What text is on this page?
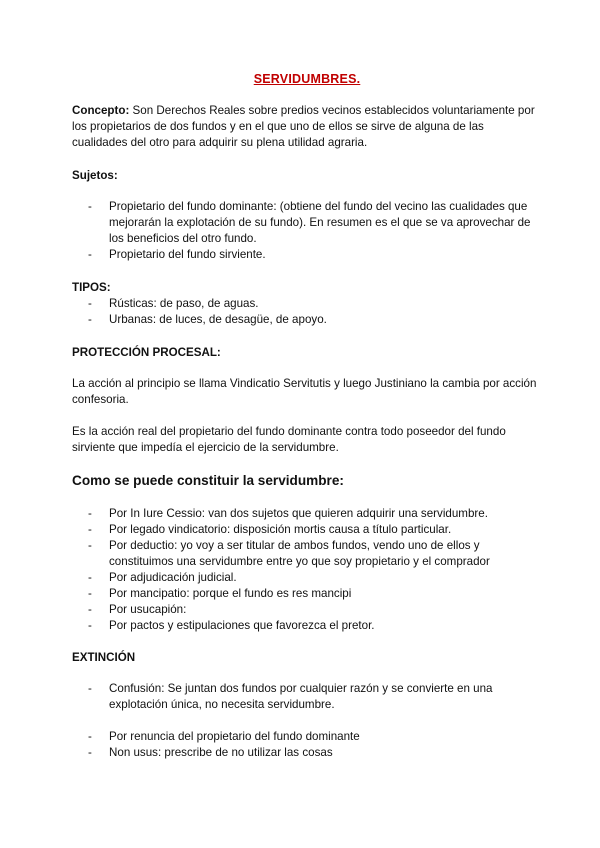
SERVIDUMBRES.
Concepto: Son Derechos Reales sobre predios vecinos establecidos voluntariamente por los propietarios de dos fundos y en el que uno de ellos se sirve de alguna de las cualidades del otro para adquirir su plena utilidad agraria.
Sujetos:
- Propietario del fundo dominante: (obtiene del fundo del vecino las cualidades que mejorarán la explotación de su fundo). En resumen es el que se va aprovechar de los beneficios del otro fundo.
- Propietario del fundo sirviente.
TIPOS:
- Rústicas: de paso, de aguas.
- Urbanas: de luces, de desagüe, de apoyo.
PROTECCIÓN PROCESAL:
La acción al principio se llama Vindicatio Servitutis y luego Justiniano la cambia por acción confesoria.
Es la acción real del propietario del fundo dominante contra todo poseedor del fundo sirviente que impedía el ejercicio de la servidumbre.
Como se puede constituir la servidumbre:
- Por In Iure Cessio: van dos sujetos que quieren adquirir una servidumbre.
- Por legado vindicatorio: disposición mortis causa a título particular.
- Por deductio: yo voy a ser titular de ambos fundos, vendo uno de ellos y constituimos una servidumbre entre yo que soy propietario y el comprador
- Por adjudicación judicial.
- Por mancipatio: porque el fundo es res mancipi
- Por usucapión:
- Por pactos y estipulaciones que favorezca el pretor.
EXTINCIÓN
- Confusión: Se juntan dos fundos por cualquier razón y se convierte en una explotación única, no necesita servidumbre.
- Por renuncia del propietario del fundo dominante
- Non usus: prescribe de no utilizar las cosas
